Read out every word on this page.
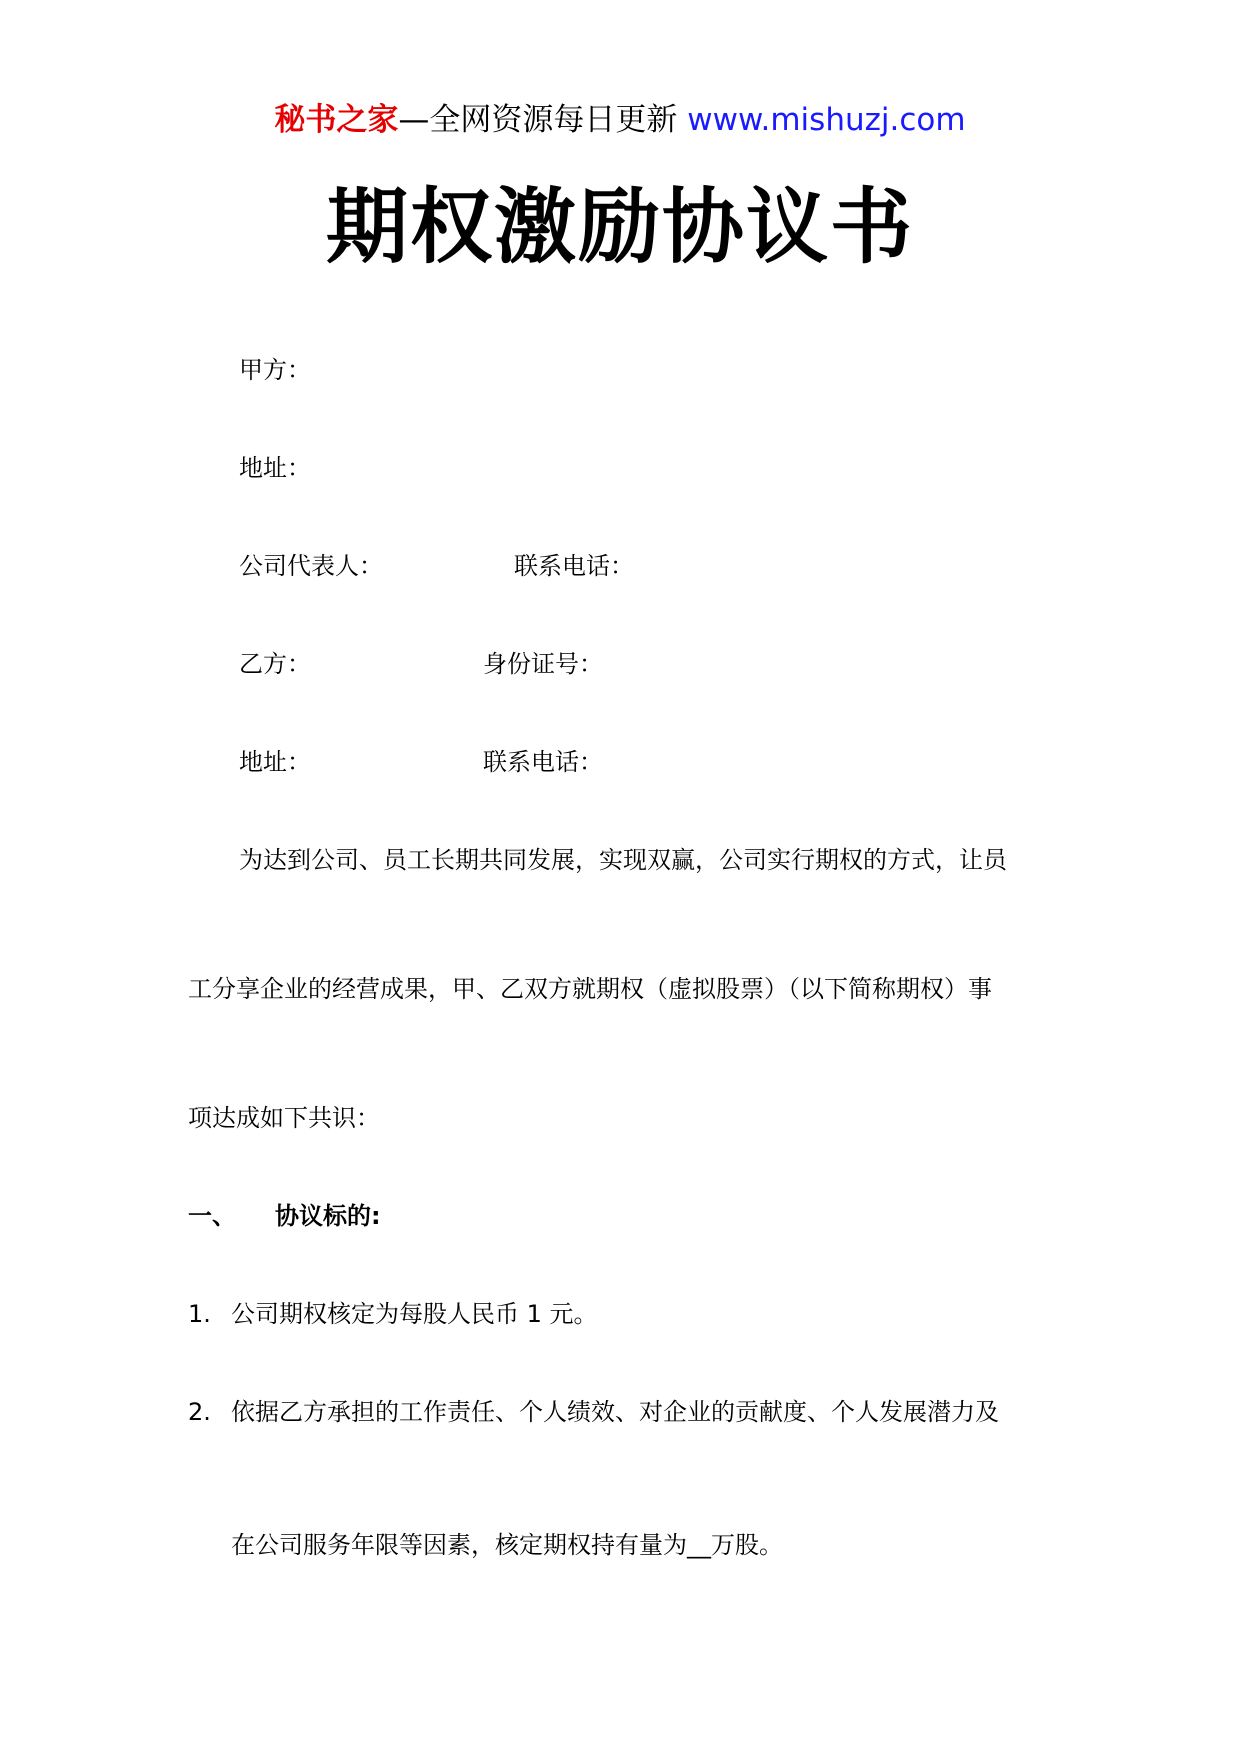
秘书之家—全网资源每日更新 www.mishuzj.com
期权激励协议书
甲方：
地址：
公司代表人：	联系电话：
乙方：	身份证号：
地址：	联系电话：
为达到公司、员工长期共同发展，实现双赢，公司实行期权的方式，让员
工分享企业的经营成果，甲、乙双方就期权（虚拟股票）（以下简称期权）事
项达成如下共识：
一、 协议标的:
1. 公司期权核定为每股人民币 1 元。
2. 依据乙方承担的工作责任、个人绩效、对企业的贡献度、个人发展潜力及
在公司服务年限等因素，核定期权持有量为__万股。
